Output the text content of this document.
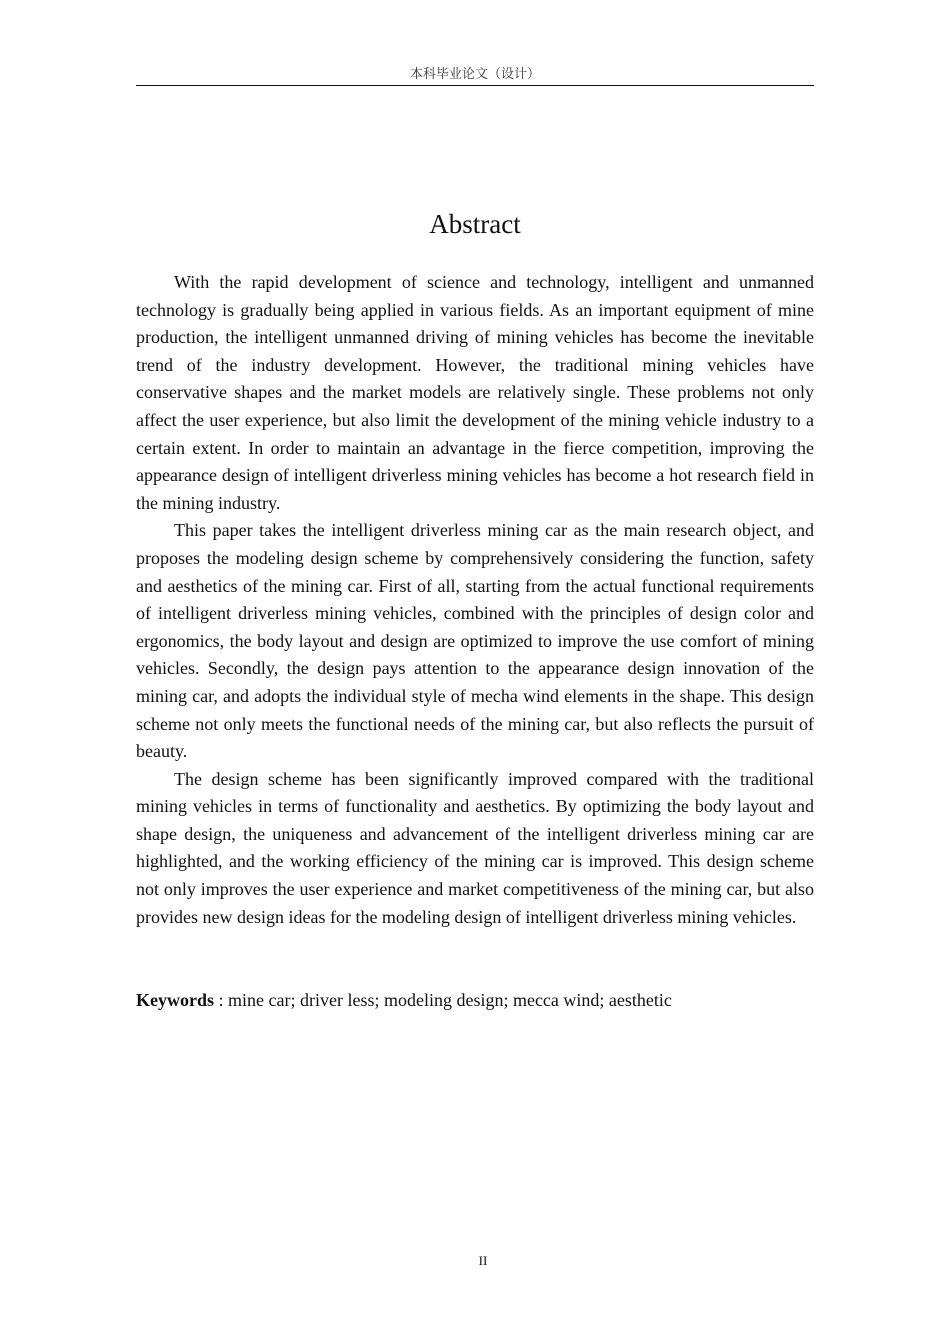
本科毕业论文（设计）
Abstract

With the rapid development of science and technology, intelligent and unmanned technology is gradually being applied in various fields. As an important equipment of mine production, the intelligent unmanned driving of mining vehicles has become the inevitable trend of the industry development. However, the traditional mining vehicles have conservative shapes and the market models are relatively single. These problems not only affect the user experience, but also limit the development of the mining vehicle industry to a certain extent. In order to maintain an advantage in the fierce competition, improving the appearance design of intelligent driverless mining vehicles has become a hot research field in the mining industry.

This paper takes the intelligent driverless mining car as the main research object, and proposes the modeling design scheme by comprehensively considering the function, safety and aesthetics of the mining car. First of all, starting from the actual functional requirements of intelligent driverless mining vehicles, combined with the principles of design color and ergonomics, the body layout and design are optimized to improve the use comfort of mining vehicles. Secondly, the design pays attention to the appearance design innovation of the mining car, and adopts the individual style of mecha wind elements in the shape. This design scheme not only meets the functional needs of the mining car, but also reflects the pursuit of beauty.

The design scheme has been significantly improved compared with the traditional mining vehicles in terms of functionality and aesthetics. By optimizing the body layout and shape design, the uniqueness and advancement of the intelligent driverless mining car are highlighted, and the working efficiency of the mining car is improved. This design scheme not only improves the user experience and market competitiveness of the mining car, but also provides new design ideas for the modeling design of intelligent driverless mining vehicles.

Keywords : mine car; driver less; modeling design; mecca wind; aesthetic
II
